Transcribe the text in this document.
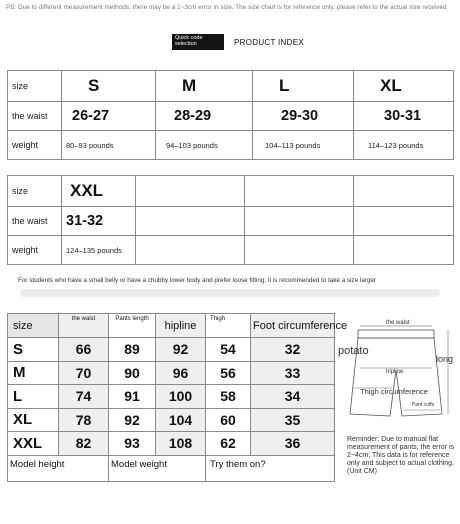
PS: Due to different measurement methods, there may be a 1~3cm error in size. The size chart is for reference only, please refer to the actual size received
Quick code selection	PRODUCT INDEX
size	S	M	L	XL
the waist	26-27	28-29	29-30	30-31
weight	80–93 pounds	94–103 pounds	104–113 pounds	114–123 pounds
size	XXL			
the waist	31-32			
weight	124–135 pounds			
For students who have a small belly or have a chubby lower body and prefer loose fitting, it is recommended to take a size larger
size	the waist	Pants length	hipline	Thigh	Foot circumference
S	66	89	92	54	32
M	70	90	96	56	33
L	74	91	100	58	34
XL	78	92	104	60	35
XXL	82	93	108	62	36
Model height		Model weight		Try them on?	
the waist
potato
long
hipline
Thigh circumference
Pant cuffs
Reminder: Due to manual flat measurement of pants, the error is 2~4cm; This data is for reference only and subject to actual clothing. (Unit CM)
